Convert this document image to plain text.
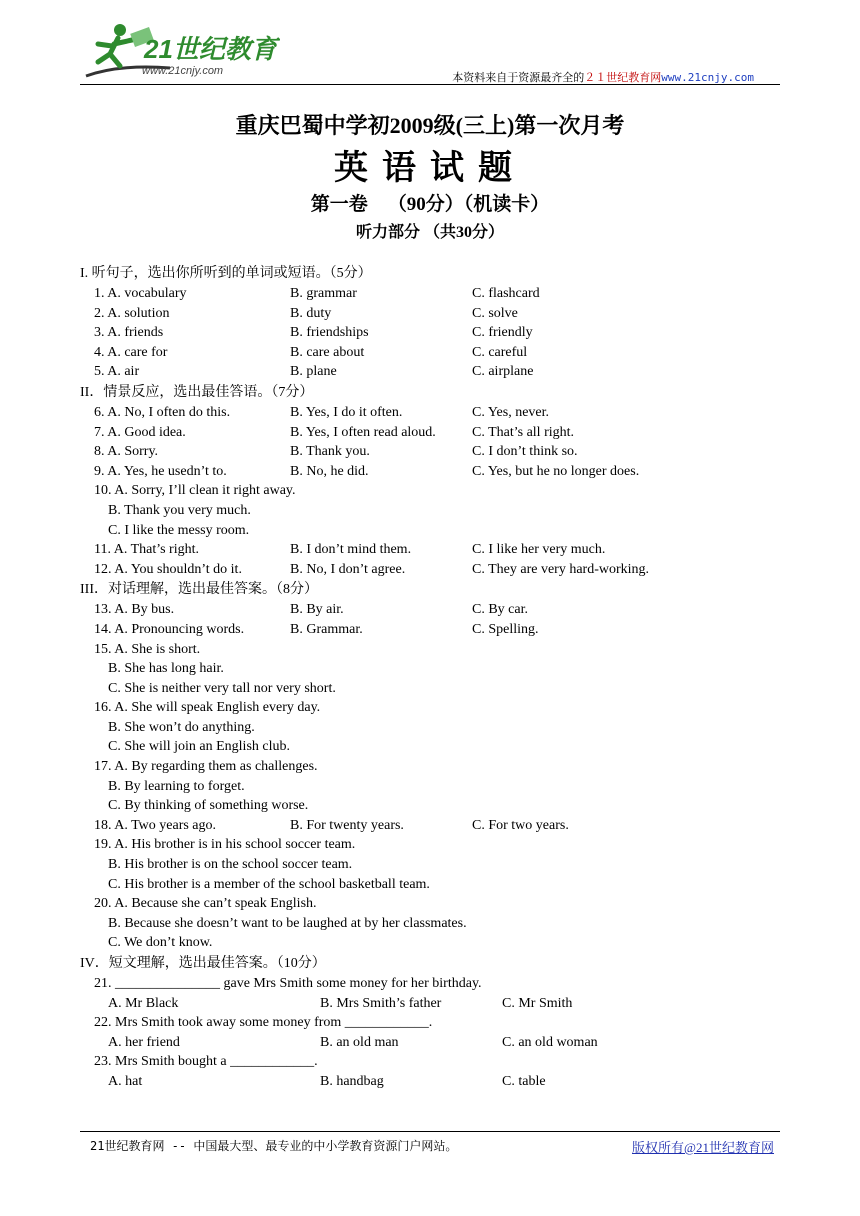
21世纪教育
www.21cnjy.com	本资料来自于资源最齐全的２１世纪教育网www.21cnjy.com
重庆巴蜀中学初2009级(三上)第一次月考
英语试题
第一卷 （90分）（机读卡）
听力部分 （共30分）
I. 听句子，选出你所听到的单词或短语。（5分）
1. A. vocabulary	B. grammar	C. flashcard
2. A. solution	B. duty	C. solve
3. A. friends	B. friendships	C. friendly
4. A. care for	B. care about	C. careful
5. A. air	B. plane	C. airplane
II．情景反应，选出最佳答语。（7分）
6. A. No, I often do this.	B. Yes, I do it often.	C. Yes, never.
7. A. Good idea.	B. Yes, I often read aloud.	C. That’s all right.
8. A. Sorry.	B. Thank you.	C. I don’t think so.
9. A. Yes, he usedn’t to.	B. No, he did.	C. Yes, but he no longer does.
10. A. Sorry, I’ll clean it right away.
B. Thank you very much.
C. I like the messy room.
11. A. That’s right.	B. I don’t mind them.	C. I like her very much.
12. A. You shouldn’t do it.	B. No, I don’t agree.	C. They are very hard-working.
III．对话理解，选出最佳答案。（8分）
13. A. By bus.	B. By air.	C. By car.
14. A. Pronouncing words.	B. Grammar.	C. Spelling.
15. A. She is short.
B. She has long hair.
C. She is neither very tall nor very short.
16. A. She will speak English every day.
B. She won’t do anything.
C. She will join an English club.
17. A. By regarding them as challenges.
B. By learning to forget.
C. By thinking of something worse.
18. A. Two years ago.	B. For twenty years.	C. For two years.
19. A. His brother is in his school soccer team.
B. His brother is on the school soccer team.
C. His brother is a member of the school basketball team.
20. A. Because she can’t speak English.
B. Because she doesn’t want to be laughed at by her classmates.
C. We don’t know.
IV．短文理解，选出最佳答案。（10分）
21. _______________ gave Mrs Smith some money for her birthday.
A. Mr Black	B. Mrs Smith’s father	C. Mr Smith
22. Mrs Smith took away some money from ____________.
A. her friend	B. an old man	C. an old woman
23. Mrs Smith bought a ____________.
A. hat	B. handbag	C. table
21世纪教育网 -- 中国最大型、最专业的中小学教育资源门户网站。	版权所有@21世纪教育网
